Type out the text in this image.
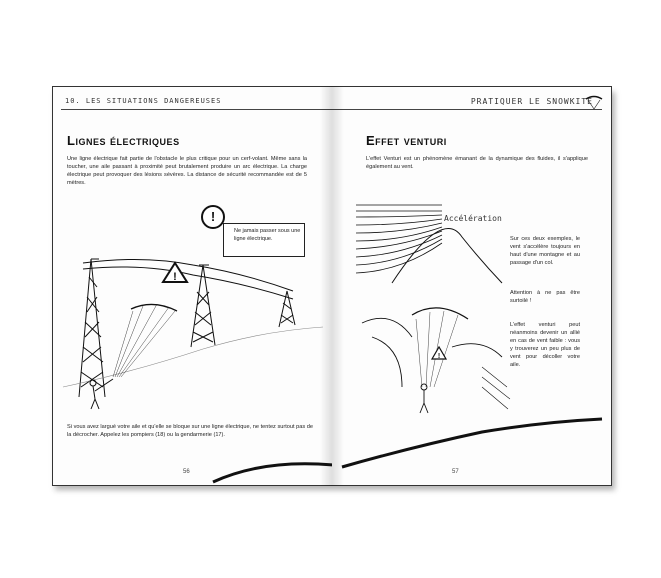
10. LES SITUATIONS DANGEREUSES
Lignes électriques

Une ligne électrique fait partie de l'obstacle le plus critique pour un cerf-volant. Même sans la toucher, une aile passant à proximité peut brutalement produire un arc électrique. La charge électrique peut provoquer des lésions sévères. La distance de sécurité recommandée est de 5 mètres.

!
Ne jamais passer sous une ligne électrique.
!

Si vous avez largué votre aile et qu'elle se bloque sur une ligne électrique, ne tentez surtout pas de la décrocher. Appelez les pompiers (18) ou la gendarmerie (17).

56
PRATIQUER LE SNOWKITE
Effet venturi

L'effet Venturi est un phénomène émanant de la dynamique des fluides, il s'applique également au vent.

Accélération
!

Sur ces deux exemples, le vent s'accélère toujours en haut d'une montagne et au passage d'un col.

Attention à ne pas être surtoilé !

L'effet venturi peut néanmoins devenir un allié en cas de vent faible : vous y trouverez un peu plus de vent pour décoller votre aile.

57
